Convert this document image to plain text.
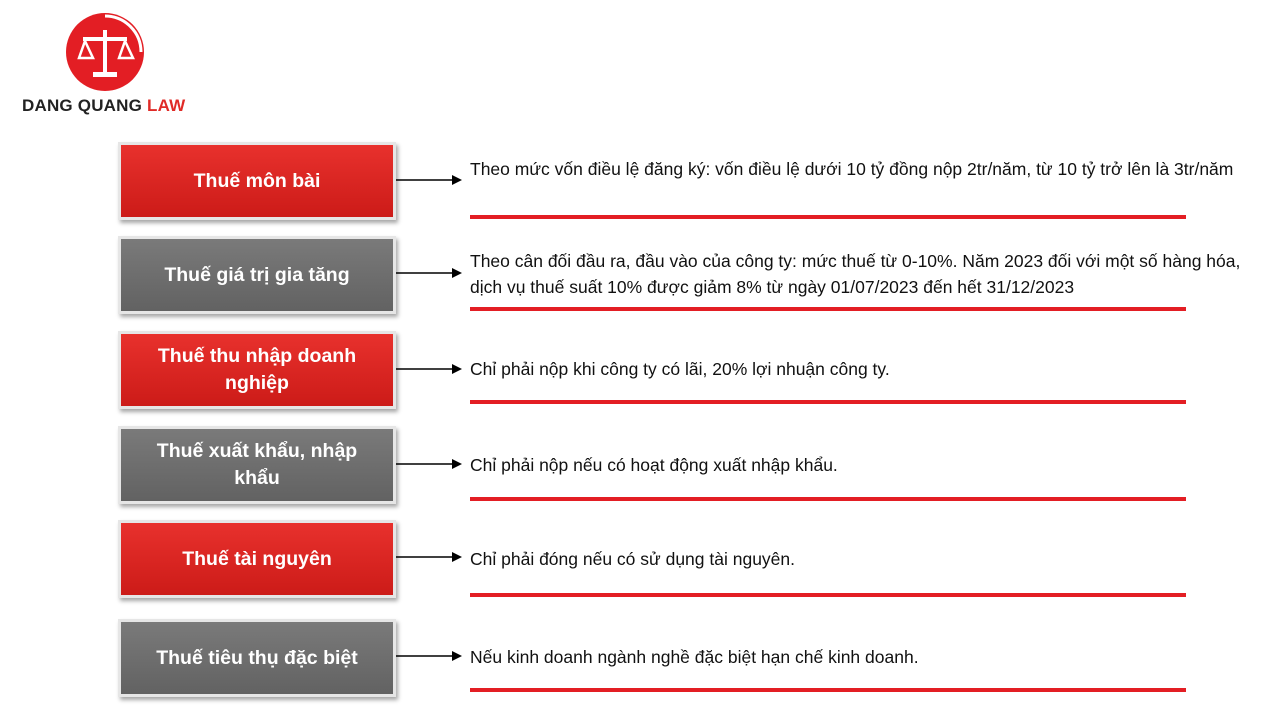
DANG QUANG LAW
Thuế môn bài
Theo mức vốn điều lệ đăng ký: vốn điều lệ dưới 10 tỷ đồng nộp 2tr/năm, từ 10 tỷ trở lên là 3tr/năm
Thuế giá trị gia tăng
Theo cân đối đầu ra, đầu vào của công ty: mức thuế từ 0-10%. Năm 2023 đối với một số hàng hóa, dịch vụ thuế suất 10% được giảm 8% từ ngày 01/07/2023 đến hết 31/12/2023
Thuế thu nhập doanh nghiệp
Chỉ phải nộp khi công ty có lãi, 20% lợi nhuận công ty.
Thuế xuất khẩu, nhập khẩu
Chỉ phải nộp nếu có hoạt động xuất nhập khẩu.
Thuế tài nguyên	Chỉ phải đóng nếu có sử dụng tài nguyên.
Thuế tiêu thụ đặc biệt	Nếu kinh doanh ngành nghề đặc biệt hạn chế kinh doanh.
